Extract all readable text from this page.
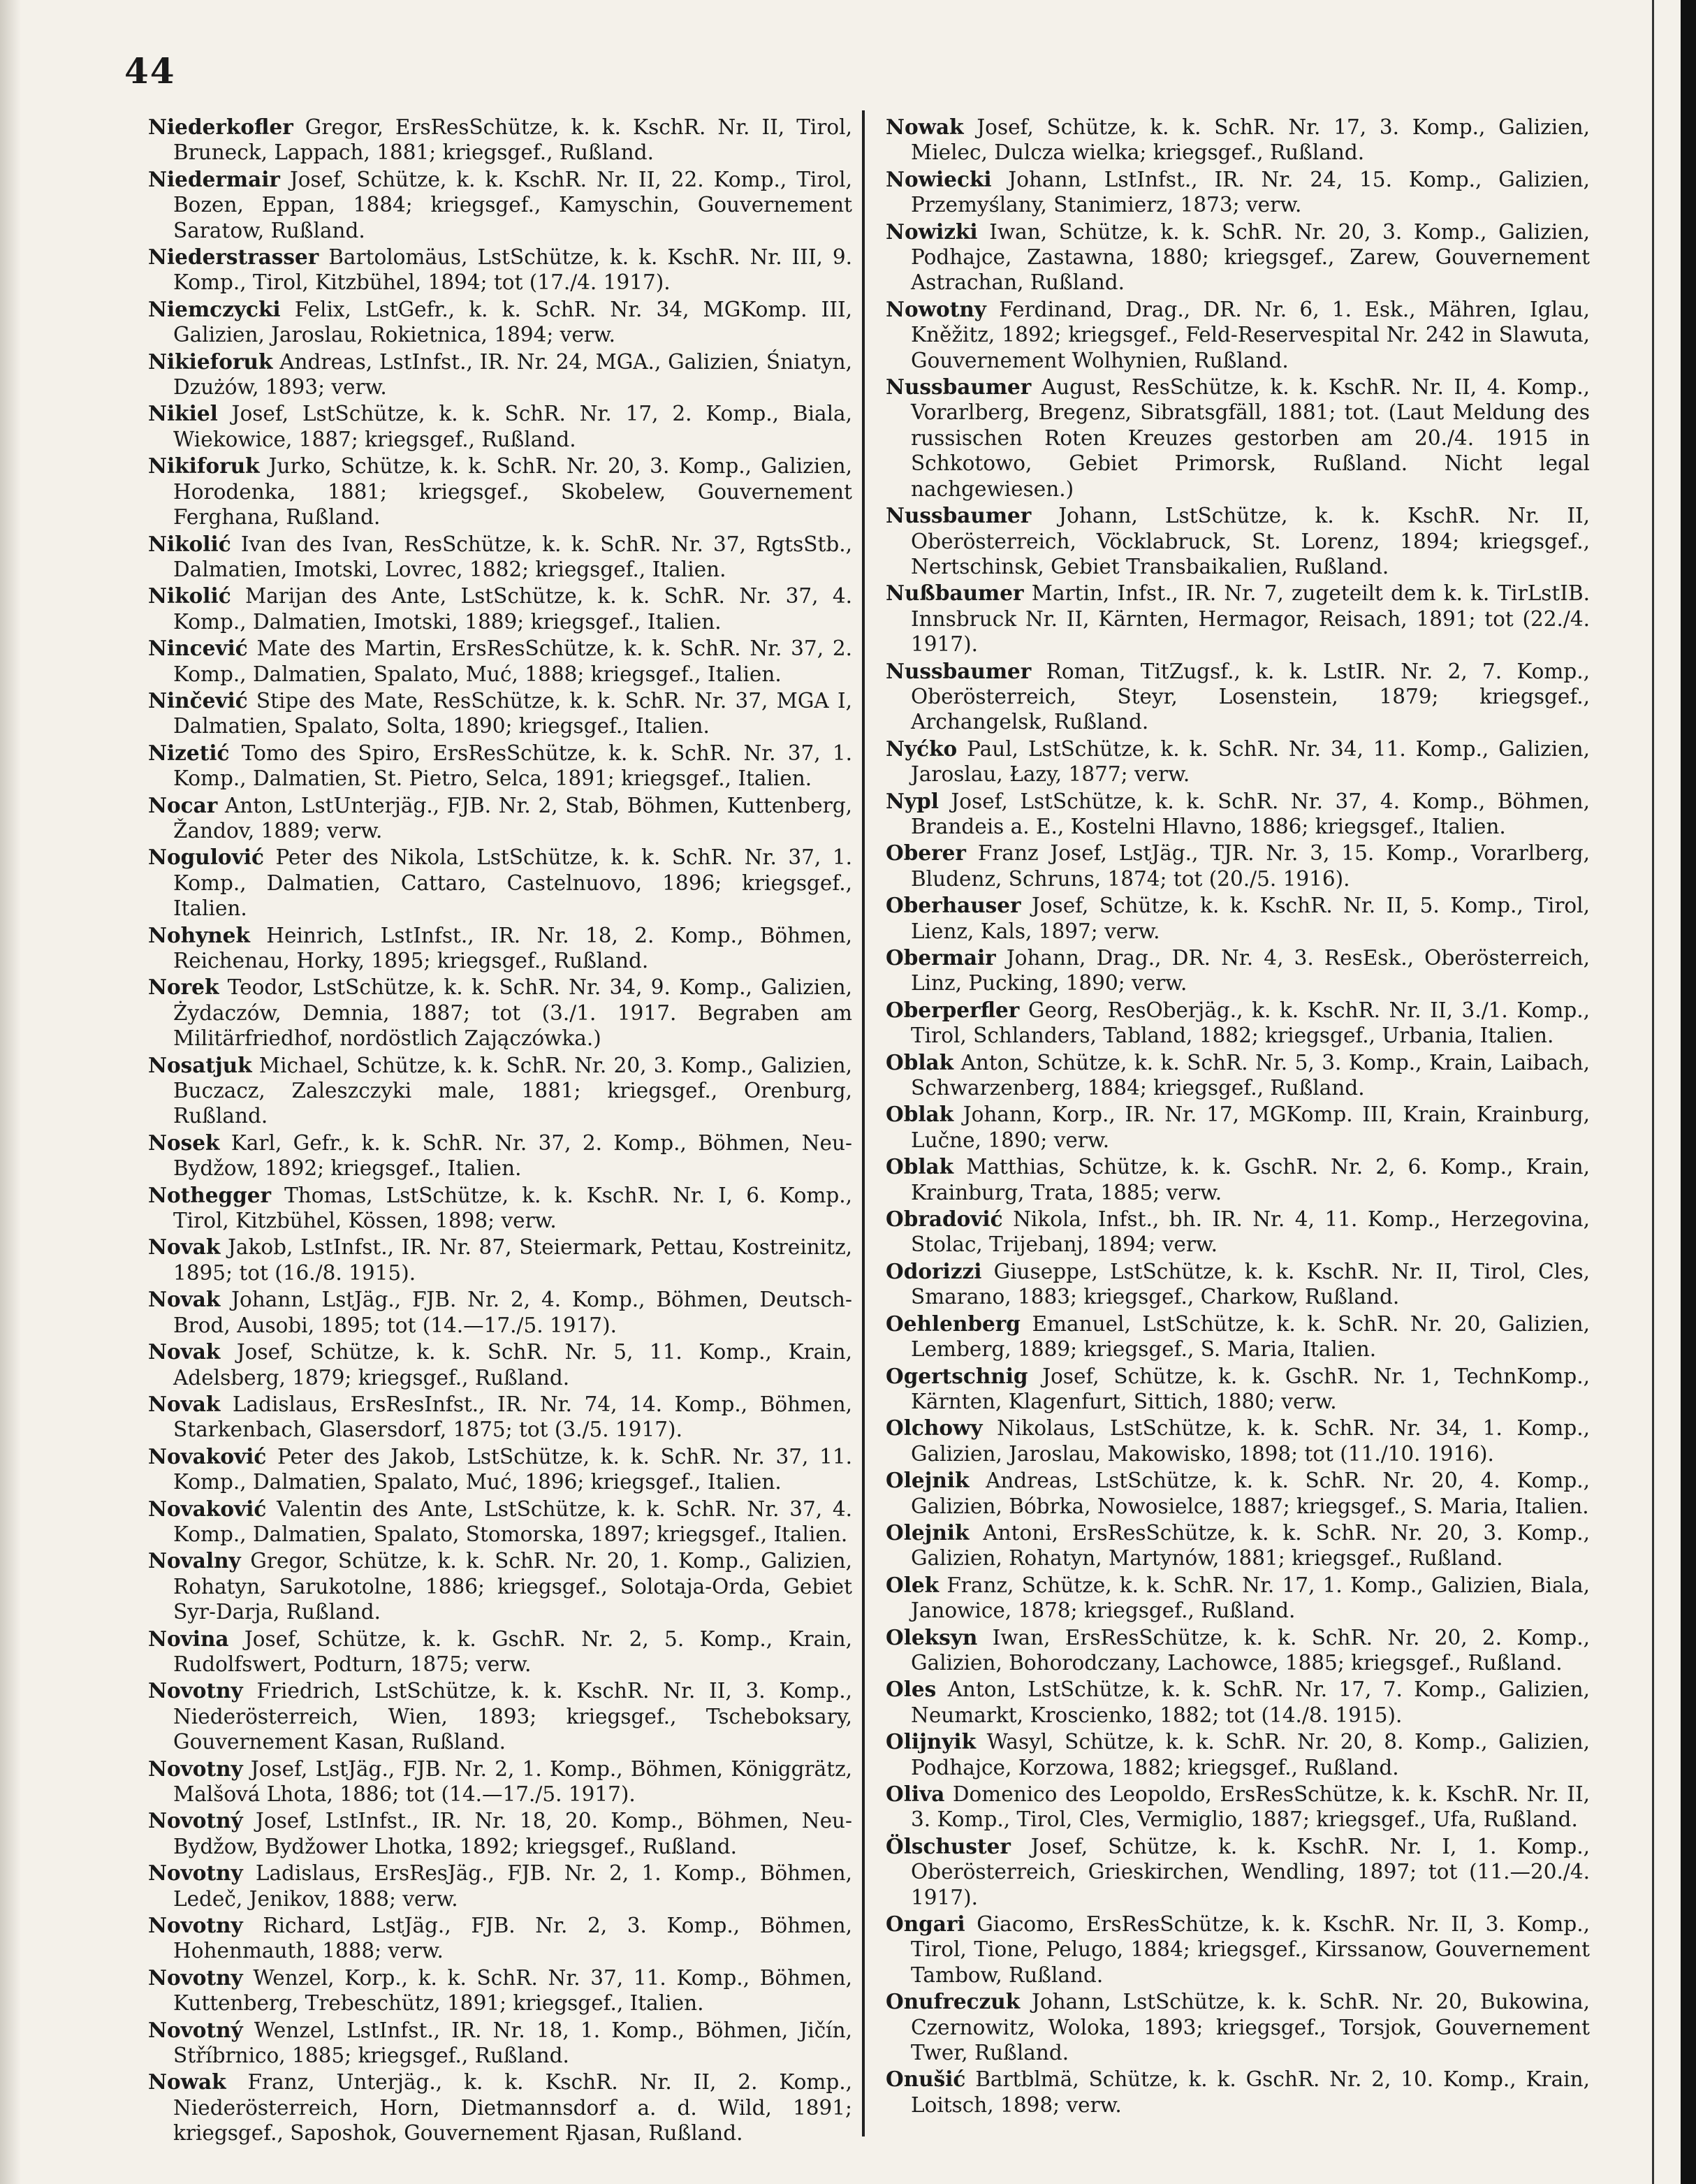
44

Niederkofler Gregor, ErsResSchütze, k. k. KschR. Nr. II, Tirol, Bruneck, Lappach, 1881; kriegsgef., Rußland.

Niedermair Josef, Schütze, k. k. KschR. Nr. II, 22. Komp., Tirol, Bozen, Eppan, 1884; kriegsgef., Kamyschin, Gouvernement Saratow, Rußland.

Niederstrasser Bartolomäus, LstSchütze, k. k. KschR. Nr. III, 9. Komp., Tirol, Kitzbühel, 1894; tot (17./4. 1917).

Niemczycki Felix, LstGefr., k. k. SchR. Nr. 34, MGKomp. III, Galizien, Jaroslau, Rokietnica, 1894; verw.

Nikieforuk Andreas, LstInfst., IR. Nr. 24, MGA., Galizien, Śniatyn, Dzużów, 1893; verw.

Nikiel Josef, LstSchütze, k. k. SchR. Nr. 17, 2. Komp., Biala, Wiekowice, 1887; kriegsgef., Rußland.

Nikiforuk Jurko, Schütze, k. k. SchR. Nr. 20, 3. Komp., Galizien, Horodenka, 1881; kriegsgef., Skobelew, Gouvernement Ferghana, Rußland.

Nikolić Ivan des Ivan, ResSchütze, k. k. SchR. Nr. 37, RgtsStb., Dalmatien, Imotski, Lovrec, 1882; kriegsgef., Italien.

Nikolić Marijan des Ante, LstSchütze, k. k. SchR. Nr. 37, 4. Komp., Dalmatien, Imotski, 1889; kriegsgef., Italien.

Nincević Mate des Martin, ErsResSchütze, k. k. SchR. Nr. 37, 2. Komp., Dalmatien, Spalato, Muć, 1888; kriegsgef., Italien.

Ninčević Stipe des Mate, ResSchütze, k. k. SchR. Nr. 37, MGA I, Dalmatien, Spalato, Solta, 1890; kriegsgef., Italien.

Nizetić Tomo des Spiro, ErsResSchütze, k. k. SchR. Nr. 37, 1. Komp., Dalmatien, St. Pietro, Selca, 1891; kriegsgef., Italien.

Nocar Anton, LstUnterjäg., FJB. Nr. 2, Stab, Böhmen, Kuttenberg, Žandov, 1889; verw.

Nogulović Peter des Nikola, LstSchütze, k. k. SchR. Nr. 37, 1. Komp., Dalmatien, Cattaro, Castelnuovo, 1896; kriegsgef., Italien.

Nohynek Heinrich, LstInfst., IR. Nr. 18, 2. Komp., Böhmen, Reichenau, Horky, 1895; kriegsgef., Rußland.

Norek Teodor, LstSchütze, k. k. SchR. Nr. 34, 9. Komp., Galizien, Żydaczów, Demnia, 1887; tot (3./1. 1917. Begraben am Militärfriedhof, nordöstlich Zajączówka.)

Nosatjuk Michael, Schütze, k. k. SchR. Nr. 20, 3. Komp., Galizien, Buczacz, Zaleszczyki male, 1881; kriegsgef., Orenburg, Rußland.

Nosek Karl, Gefr., k. k. SchR. Nr. 37, 2. Komp., Böhmen, Neu-Bydžow, 1892; kriegsgef., Italien.

Nothegger Thomas, LstSchütze, k. k. KschR. Nr. I, 6. Komp., Tirol, Kitzbühel, Kössen, 1898; verw.

Novak Jakob, LstInfst., IR. Nr. 87, Steiermark, Pettau, Kostreinitz, 1895; tot (16./8. 1915).

Novak Johann, LstJäg., FJB. Nr. 2, 4. Komp., Böhmen, Deutsch-Brod, Ausobi, 1895; tot (14.—17./5. 1917).

Novak Josef, Schütze, k. k. SchR. Nr. 5, 11. Komp., Krain, Adelsberg, 1879; kriegsgef., Rußland.

Novak Ladislaus, ErsResInfst., IR. Nr. 74, 14. Komp., Böhmen, Starkenbach, Glasersdorf, 1875; tot (3./5. 1917).

Novaković Peter des Jakob, LstSchütze, k. k. SchR. Nr. 37, 11. Komp., Dalmatien, Spalato, Muć, 1896; kriegsgef., Italien.

Novaković Valentin des Ante, LstSchütze, k. k. SchR. Nr. 37, 4. Komp., Dalmatien, Spalato, Stomorska, 1897; kriegsgef., Italien.

Novalny Gregor, Schütze, k. k. SchR. Nr. 20, 1. Komp., Galizien, Rohatyn, Sarukotolne, 1886; kriegsgef., Solotaja-Orda, Gebiet Syr-Darja, Rußland.

Novina Josef, Schütze, k. k. GschR. Nr. 2, 5. Komp., Krain, Rudolfswert, Podturn, 1875; verw.

Novotny Friedrich, LstSchütze, k. k. KschR. Nr. II, 3. Komp., Niederösterreich, Wien, 1893; kriegsgef., Tscheboksary, Gouvernement Kasan, Rußland.

Novotny Josef, LstJäg., FJB. Nr. 2, 1. Komp., Böhmen, Königgrätz, Malšová Lhota, 1886; tot (14.—17./5. 1917).

Novotný Josef, LstInfst., IR. Nr. 18, 20. Komp., Böhmen, Neu-Bydžow, Bydžower Lhotka, 1892; kriegsgef., Rußland.

Novotny Ladislaus, ErsResJäg., FJB. Nr. 2, 1. Komp., Böhmen, Ledeč, Jenikov, 1888; verw.

Novotny Richard, LstJäg., FJB. Nr. 2, 3. Komp., Böhmen, Hohenmauth, 1888; verw.

Novotny Wenzel, Korp., k. k. SchR. Nr. 37, 11. Komp., Böhmen, Kuttenberg, Trebeschütz, 1891; kriegsgef., Italien.

Novotný Wenzel, LstInfst., IR. Nr. 18, 1. Komp., Böhmen, Jičín, Stříbrnico, 1885; kriegsgef., Rußland.

Nowak Franz, Unterjäg., k. k. KschR. Nr. II, 2. Komp., Niederösterreich, Horn, Dietmannsdorf a. d. Wild, 1891; kriegsgef., Saposhok, Gouvernement Rjasan, Rußland.

Nowak Josef, Schütze, k. k. SchR. Nr. 17, 3. Komp., Galizien, Mielec, Dulcza wielka; kriegsgef., Rußland.

Nowiecki Johann, LstInfst., IR. Nr. 24, 15. Komp., Galizien, Przemyślany, Stanimierz, 1873; verw.

Nowizki Iwan, Schütze, k. k. SchR. Nr. 20, 3. Komp., Galizien, Podhajce, Zastawna, 1880; kriegsgef., Zarew, Gouvernement Astrachan, Rußland.

Nowotny Ferdinand, Drag., DR. Nr. 6, 1. Esk., Mähren, Iglau, Kněžitz, 1892; kriegsgef., Feld-Reservespital Nr. 242 in Slawuta, Gouvernement Wolhynien, Rußland.

Nussbaumer August, ResSchütze, k. k. KschR. Nr. II, 4. Komp., Vorarlberg, Bregenz, Sibratsgfäll, 1881; tot. (Laut Meldung des russischen Roten Kreuzes gestorben am 20./4. 1915 in Schkotowo, Gebiet Primorsk, Rußland. Nicht legal nachgewiesen.)

Nussbaumer Johann, LstSchütze, k. k. KschR. Nr. II, Oberösterreich, Vöcklabruck, St. Lorenz, 1894; kriegsgef., Nertschinsk, Gebiet Transbaikalien, Rußland.

Nußbaumer Martin, Infst., IR. Nr. 7, zugeteilt dem k. k. TirLstIB. Innsbruck Nr. II, Kärnten, Hermagor, Reisach, 1891; tot (22./4. 1917).

Nussbaumer Roman, TitZugsf., k. k. LstIR. Nr. 2, 7. Komp., Oberösterreich, Steyr, Losenstein, 1879; kriegsgef., Archangelsk, Rußland.

Nyćko Paul, LstSchütze, k. k. SchR. Nr. 34, 11. Komp., Galizien, Jaroslau, Łazy, 1877; verw.

Nypl Josef, LstSchütze, k. k. SchR. Nr. 37, 4. Komp., Böhmen, Brandeis a. E., Kostelni Hlavno, 1886; kriegsgef., Italien.

Oberer Franz Josef, LstJäg., TJR. Nr. 3, 15. Komp., Vorarlberg, Bludenz, Schruns, 1874; tot (20./5. 1916).

Oberhauser Josef, Schütze, k. k. KschR. Nr. II, 5. Komp., Tirol, Lienz, Kals, 1897; verw.

Obermair Johann, Drag., DR. Nr. 4, 3. ResEsk., Oberösterreich, Linz, Pucking, 1890; verw.

Oberperfler Georg, ResOberjäg., k. k. KschR. Nr. II, 3./1. Komp., Tirol, Schlanders, Tabland, 1882; kriegsgef., Urbania, Italien.

Oblak Anton, Schütze, k. k. SchR. Nr. 5, 3. Komp., Krain, Laibach, Schwarzenberg, 1884; kriegsgef., Rußland.

Oblak Johann, Korp., IR. Nr. 17, MGKomp. III, Krain, Krainburg, Lučne, 1890; verw.

Oblak Matthias, Schütze, k. k. GschR. Nr. 2, 6. Komp., Krain, Krainburg, Trata, 1885; verw.

Obradović Nikola, Infst., bh. IR. Nr. 4, 11. Komp., Herzegovina, Stolac, Trijebanj, 1894; verw.

Odorizzi Giuseppe, LstSchütze, k. k. KschR. Nr. II, Tirol, Cles, Smarano, 1883; kriegsgef., Charkow, Rußland.

Oehlenberg Emanuel, LstSchütze, k. k. SchR. Nr. 20, Galizien, Lemberg, 1889; kriegsgef., S. Maria, Italien.

Ogertschnig Josef, Schütze, k. k. GschR. Nr. 1, TechnKomp., Kärnten, Klagenfurt, Sittich, 1880; verw.

Olchowy Nikolaus, LstSchütze, k. k. SchR. Nr. 34, 1. Komp., Galizien, Jaroslau, Makowisko, 1898; tot (11./10. 1916).

Olejnik Andreas, LstSchütze, k. k. SchR. Nr. 20, 4. Komp., Galizien, Bóbrka, Nowosielce, 1887; kriegsgef., S. Maria, Italien.

Olejnik Antoni, ErsResSchütze, k. k. SchR. Nr. 20, 3. Komp., Galizien, Rohatyn, Martynów, 1881; kriegsgef., Rußland.

Olek Franz, Schütze, k. k. SchR. Nr. 17, 1. Komp., Galizien, Biala, Janowice, 1878; kriegsgef., Rußland.

Oleksyn Iwan, ErsResSchütze, k. k. SchR. Nr. 20, 2. Komp., Galizien, Bohorodczany, Lachowce, 1885; kriegsgef., Rußland.

Oles Anton, LstSchütze, k. k. SchR. Nr. 17, 7. Komp., Galizien, Neumarkt, Kroscienko, 1882; tot (14./8. 1915).

Olijnyik Wasyl, Schütze, k. k. SchR. Nr. 20, 8. Komp., Galizien, Podhajce, Korzowa, 1882; kriegsgef., Rußland.

Oliva Domenico des Leopoldo, ErsResSchütze, k. k. KschR. Nr. II, 3. Komp., Tirol, Cles, Vermiglio, 1887; kriegsgef., Ufa, Rußland.

Ölschuster Josef, Schütze, k. k. KschR. Nr. I, 1. Komp., Oberösterreich, Grieskirchen, Wendling, 1897; tot (11.—20./4. 1917).

Ongari Giacomo, ErsResSchütze, k. k. KschR. Nr. II, 3. Komp., Tirol, Tione, Pelugo, 1884; kriegsgef., Kirssanow, Gouvernement Tambow, Rußland.

Onufreczuk Johann, LstSchütze, k. k. SchR. Nr. 20, Bukowina, Czernowitz, Woloka, 1893; kriegsgef., Torsjok, Gouvernement Twer, Rußland.

Onušić Bartblmä, Schütze, k. k. GschR. Nr. 2, 10. Komp., Krain, Loitsch, 1898; verw.
